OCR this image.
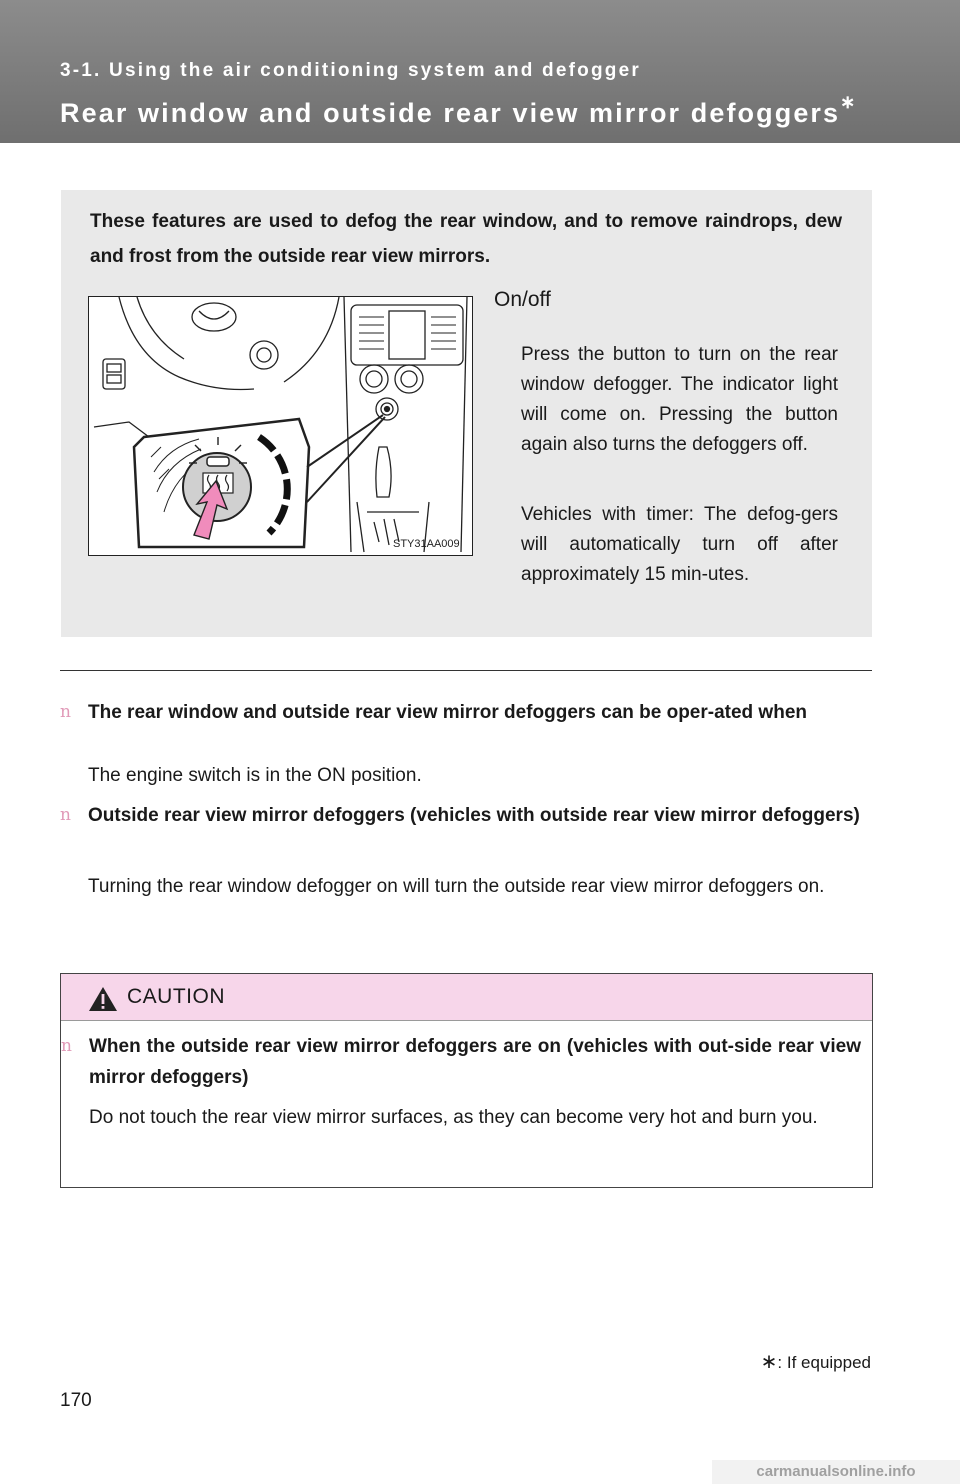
3-1. Using the air conditioning system and defogger
Rear window and outside rear view mirror defoggers∗
These features are used to defog the rear window, and to remove raindrops, dew and frost from the outside rear view mirrors.
STY31AA009
On/off
Press the button to turn on the rear window defogger. The indicator light will come on. Pressing the button again also turns the defoggers off.
Vehicles with timer: The defog-gers will automatically turn off after approximately 15 min-utes.
n The rear window and outside rear view mirror defoggers can be oper-ated when
The engine switch is in the ON position.
n Outside rear view mirror defoggers (vehicles with outside rear view mirror defoggers)
Turning the rear window defogger on will turn the outside rear view mirror defoggers on.
CAUTION
n When the outside rear view mirror defoggers are on (vehicles with out-side rear view mirror defoggers)
Do not touch the rear view mirror surfaces, as they can become very hot and burn you.
∗: If equipped
170
carmanualsonline.info
